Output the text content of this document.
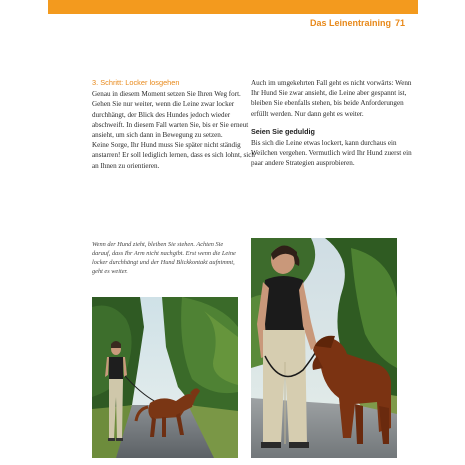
Das Leinentraining 71

3. Schritt: Locker losgehen

Genau in diesem Moment setzen Sie Ihren Weg fort. Gehen Sie nur weiter, wenn die Leine zwar locker durchhängt, der Blick des Hundes jedoch wieder abschweift. In diesem Fall warten Sie, bis er Sie erneut ansieht, um sich dann in Bewegung zu setzen.

Keine Sorge, Ihr Hund muss Sie später nicht ständig anstarren! Er soll lediglich lernen, dass es sich lohnt, sich an Ihnen zu orientieren.

Auch im umgekehrten Fall geht es nicht vorwärts: Wenn Ihr Hund Sie zwar ansieht, die Leine aber gespannt ist, bleiben Sie ebenfalls stehen, bis beide Anforderungen erfüllt werden. Nur dann geht es weiter.

Seien Sie geduldig

Bis sich die Leine etwas lockert, kann durchaus ein Weilchen vergehen. Vermutlich wird Ihr Hund zuerst ein paar andere Strategien ausprobieren.

Wenn der Hund zieht, bleiben Sie stehen. Achten Sie darauf, dass Ihr Arm nicht nachgibt. Erst wenn die Leine locker durchhängt und der Hund Blickkontakt aufnimmt, geht es weiter.
